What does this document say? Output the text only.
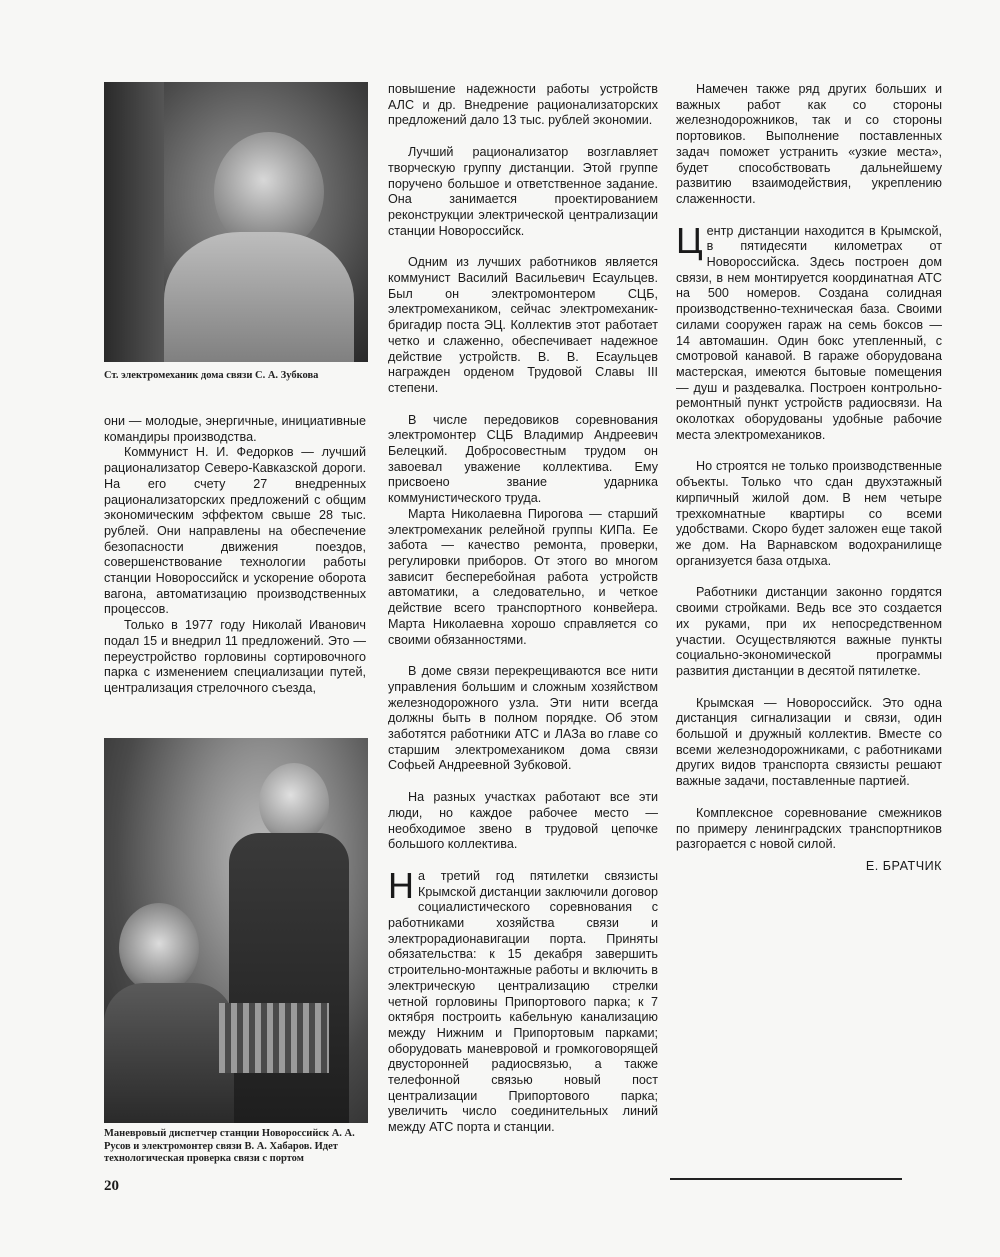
Ст. электромеханик дома связи С. А. Зубкова
Маневровый диспетчер станции Новороссийск А. А. Русов и электромонтер связи В. А. Хабаров. Идет технологическая проверка связи с портом

они — молодые, энергичные, инициативные командиры производства.

Коммунист Н. И. Федорков — лучший рационализатор Северо-Кавказской дороги. На его счету 27 внедренных рационализаторских предложений с общим экономическим эффектом свыше 28 тыс. рублей. Они направлены на обеспечение безопасности движения поездов, совершенствование технологии работы станции Новороссийск и ускорение оборота вагона, автоматизацию производственных процессов.

Только в 1977 году Николай Иванович подал 15 и внедрил 11 предложений. Это — переустройство горловины сортировочного парка с изменением специализации путей, централизация стрелочного съезда,

повышение надежности работы устройств АЛС и др. Внедрение рационализаторских предложений дало 13 тыс. рублей экономии.

Лучший рационализатор возглавляет творческую группу дистанции. Этой группе поручено большое и ответственное задание. Она занимается проектированием реконструкции электрической централизации станции Новороссийск.

Одним из лучших работников является коммунист Василий Васильевич Есаульцев. Был он электромонтером СЦБ, электромехаником, сейчас электромеханик-бригадир поста ЭЦ. Коллектив этот работает четко и слаженно, обеспечивает надежное действие устройств. В. В. Есаульцев награжден орденом Трудовой Славы III степени.

В числе передовиков соревнования электромонтер СЦБ Владимир Андреевич Белецкий. Добросовестным трудом он завоевал уважение коллектива. Ему присвоено звание ударника коммунистического труда.

Марта Николаевна Пирогова — старший электромеханик релейной группы КИПа. Ее забота — качество ремонта, проверки, регулировки приборов. От этого во многом зависит бесперебойная работа устройств автоматики, а следовательно, и четкое действие всего транспортного конвейера. Марта Николаевна хорошо справляется со своими обязанностями.

В доме связи перекрещиваются все нити управления большим и сложным хозяйством железнодорожного узла. Эти нити всегда должны быть в полном порядке. Об этом заботятся работники АТС и ЛАЗа во главе со старшим электромехаником дома связи Софьей Андреевной Зубковой.

На разных участках работают все эти люди, но каждое рабочее место — необходимое звено в трудовой цепочке большого коллектива.

На третий год пятилетки связисты Крымской дистанции заключили договор социалистического соревнования с работниками хозяйства связи и электрорадионавигации порта. Приняты обязательства: к 15 декабря завершить строительно-монтажные работы и включить в электрическую централизацию стрелки четной горловины Припортового парка; к 7 октября построить кабельную канализацию между Нижним и Припортовым парками; оборудовать маневровой и громкоговорящей двусторонней радиосвязью, а также телефонной связью новый пост централизации Припортового парка; увеличить число соединительных линий между АТС порта и станции.

Намечен также ряд других больших и важных работ как со стороны железнодорожников, так и со стороны портовиков. Выполнение поставленных задач поможет устранить «узкие места», будет способствовать дальнейшему развитию взаимодействия, укреплению слаженности.

Центр дистанции находится в Крымской, в пятидесяти километрах от Новороссийска. Здесь построен дом связи, в нем монтируется координатная АТС на 500 номеров. Создана солидная производственно-техническая база. Своими силами сооружен гараж на семь боксов — 14 автомашин. Один бокс утепленный, с смотровой канавой. В гараже оборудована мастерская, имеются бытовые помещения — душ и раздевалка. Построен контрольно-ремонтный пункт устройств радиосвязи. На околотках оборудованы удобные рабочие места электромехаников.

Но строятся не только производственные объекты. Только что сдан двухэтажный кирпичный жилой дом. В нем четыре трехкомнатные квартиры со всеми удобствами. Скоро будет заложен еще такой же дом. На Варнавском водохранилище организуется база отдыха.

Работники дистанции законно гордятся своими стройками. Ведь все это создается их руками, при их непосредственном участии. Осуществляются важные пункты социально-экономической программы развития дистанции в десятой пятилетке.

Крымская — Новороссийск. Это одна дистанция сигнализации и связи, один большой и дружный коллектив. Вместе со всеми железнодорожниками, с работниками других видов транспорта связисты решают важные задачи, поставленные партией.

Комплексное соревнование смежников по примеру ленинградских транспортников разгорается с новой силой.

Е. БРАТЧИК
20
